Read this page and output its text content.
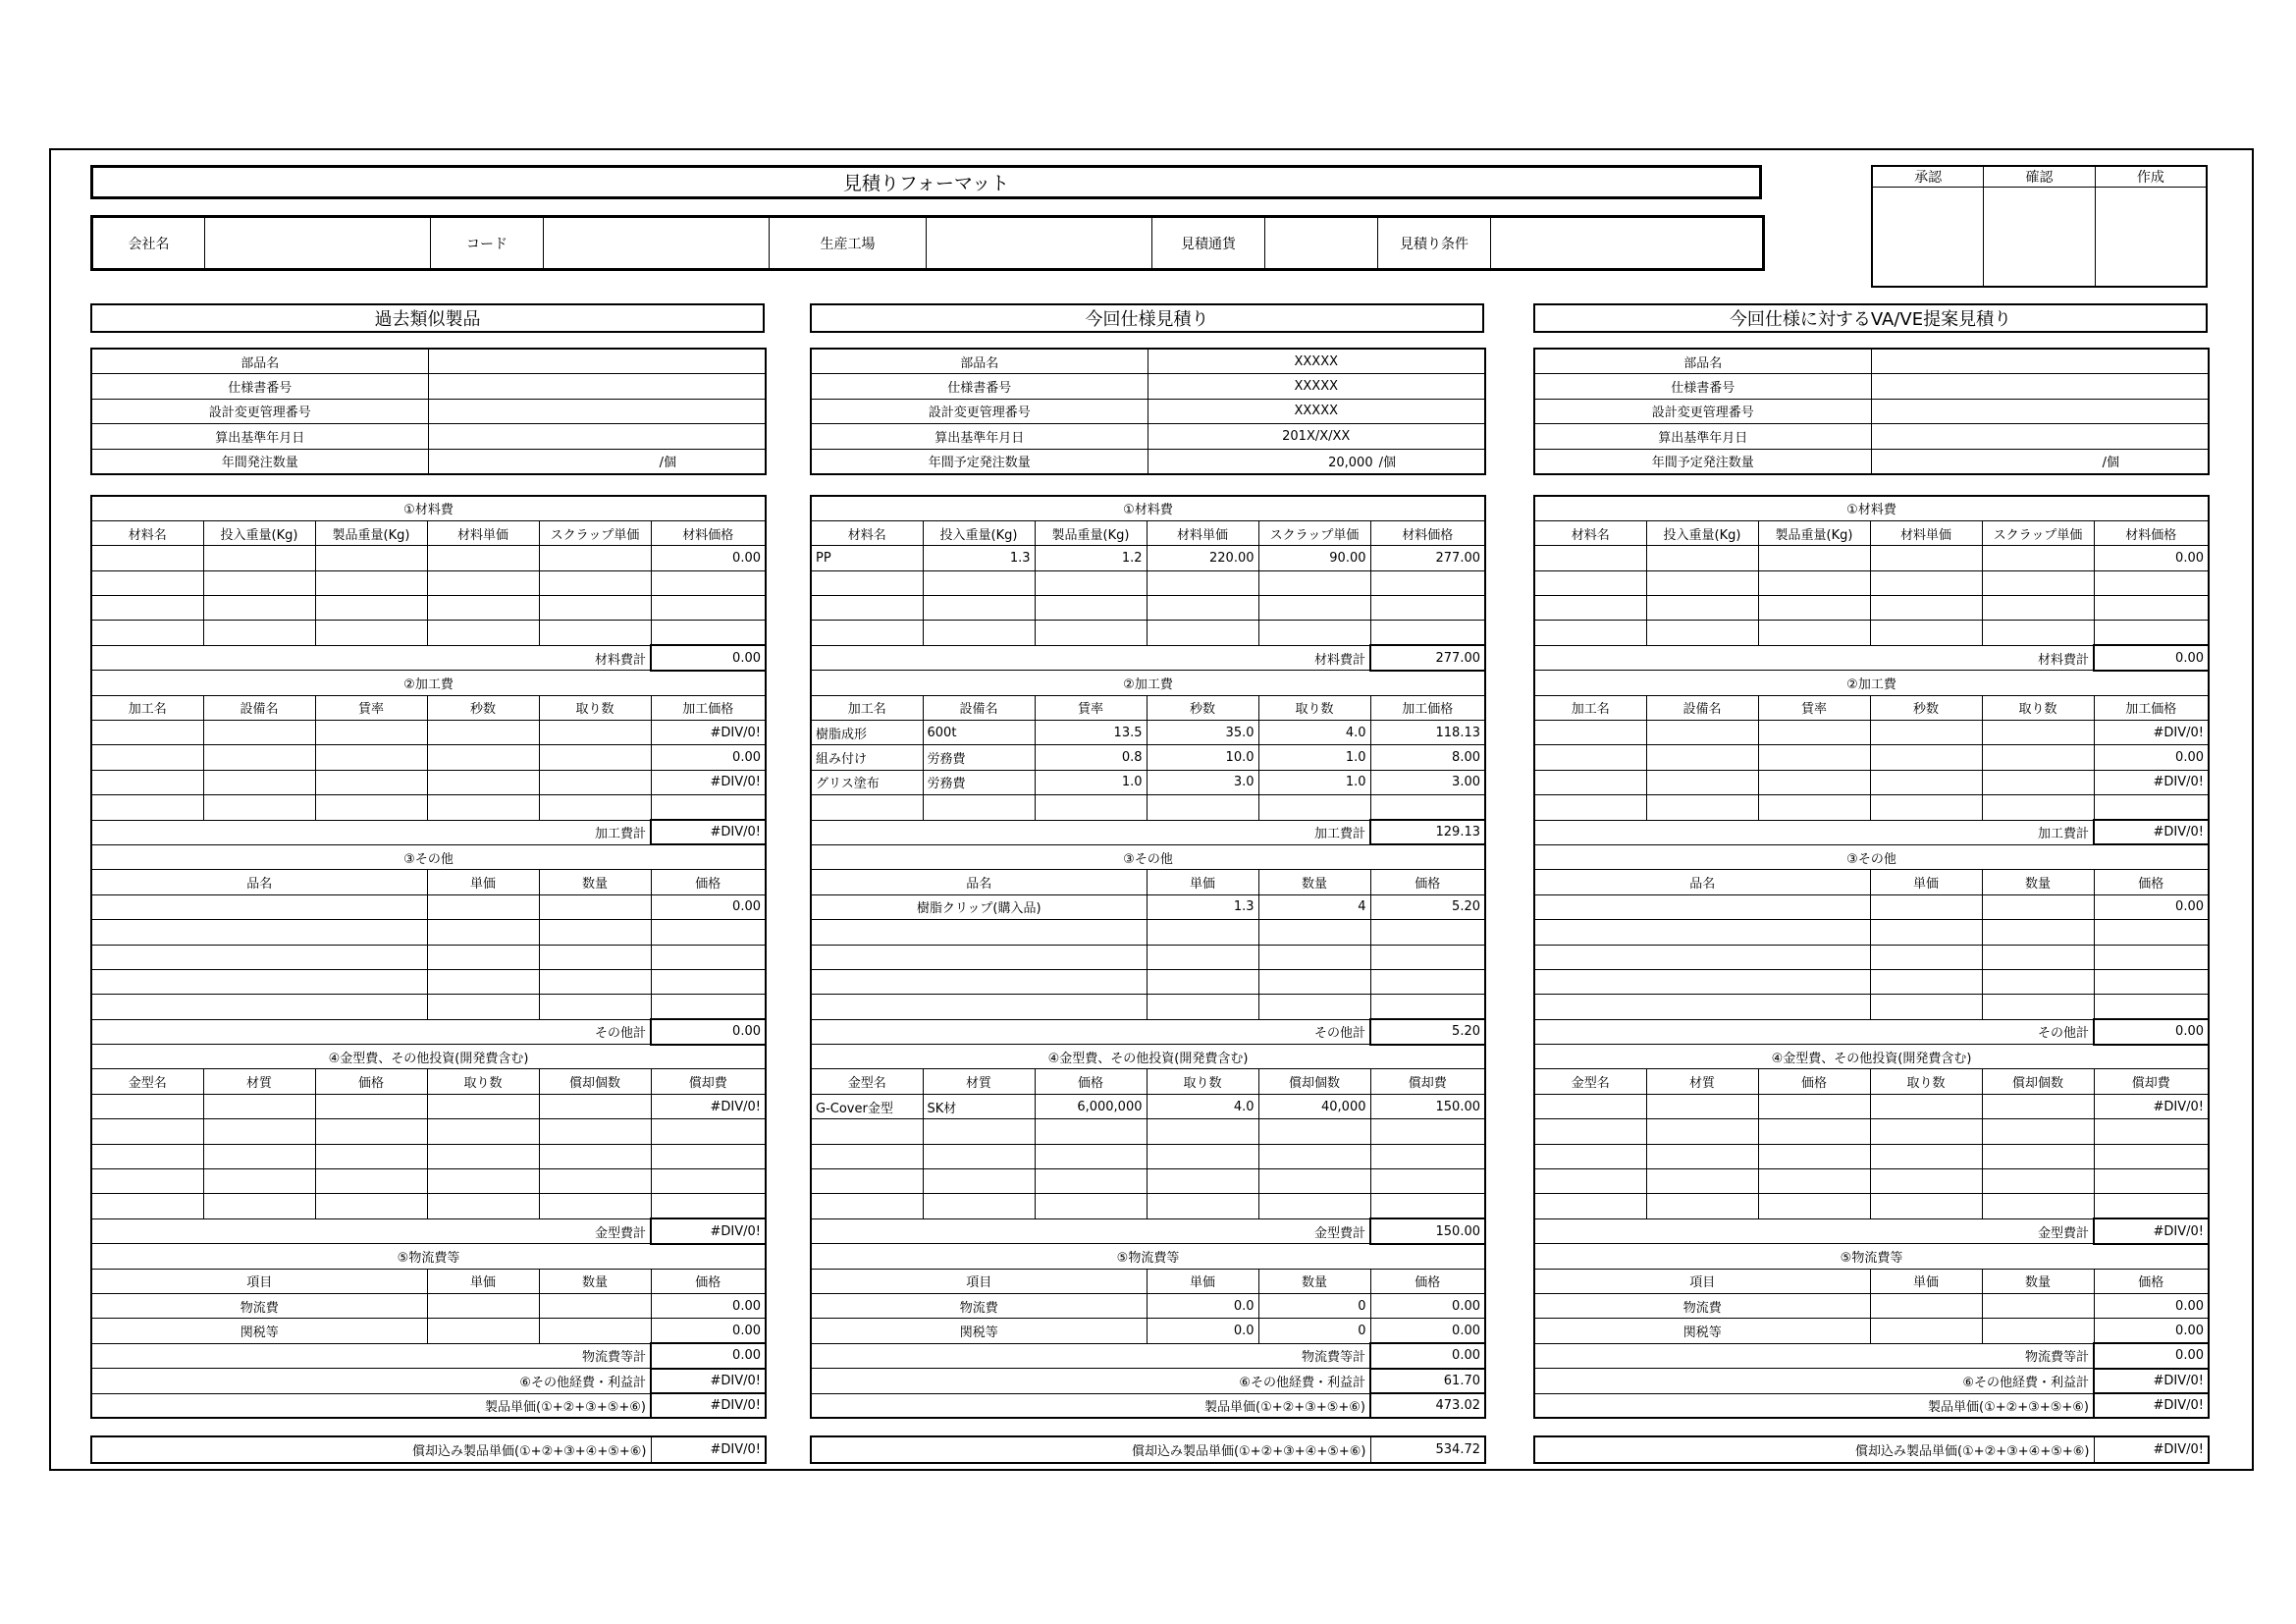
見積りフォーマット
会社名		コード		生産工場		見積通貨		見積り条件	
承認	確認	作成

過去類似製品
部品名	
仕様書番号	
設計変更管理番号	
算出基準年月日	
年間発注数量	/個
①材料費					
材料名	投入重量(Kg)	製品重量(Kg)	材料単価	スクラップ単価	材料価格
					0.00

材料費計					0.00
②加工費					
加工名	設備名	賃率	秒数	取り数	加工価格
					#DIV/0!
					0.00
					#DIV/0!

加工費計					#DIV/0!
③その他					
品名			単価	数量	価格
					0.00

その他計					0.00
④金型費、その他投資(開発費含む)					
金型名	材質	価格	取り数	償却個数	償却費
					#DIV/0!

金型費計					#DIV/0!
⑤物流費等					
項目			単価	数量	価格
物流費					0.00
関税等					0.00
物流費等計					0.00
⑥その他経費・利益計					#DIV/0!
製品単価(①+②+③+⑤+⑥)					#DIV/0!
償却込み製品単価(①+②+③+④+⑤+⑥)	#DIV/0!
今回仕様見積り
部品名	XXXXX
仕様書番号	XXXXX
設計変更管理番号	XXXXX
算出基準年月日	201X/X/XX
年間予定発注数量	20,000 /個
①材料費					
材料名	投入重量(Kg)	製品重量(Kg)	材料単価	スクラップ単価	材料価格
PP	1.3	1.2	220.00	90.00	277.00

材料費計					277.00
②加工費					
加工名	設備名	賃率	秒数	取り数	加工価格
樹脂成形	600t	13.5	35.0	4.0	118.13
組み付け	労務費	0.8	10.0	1.0	8.00
グリス塗布	労務費	1.0	3.0	1.0	3.00

加工費計					129.13
③その他					
品名			単価	数量	価格
樹脂クリップ(購入品)			1.3	4	5.20

その他計					5.20
④金型費、その他投資(開発費含む)					
金型名	材質	価格	取り数	償却個数	償却費
G-Cover金型	SK材	6,000,000	4.0	40,000	150.00

金型費計					150.00
⑤物流費等					
項目			単価	数量	価格
物流費			0.0	0	0.00
関税等			0.0	0	0.00
物流費等計					0.00
⑥その他経費・利益計					61.70
製品単価(①+②+③+⑤+⑥)					473.02
償却込み製品単価(①+②+③+④+⑤+⑥)	534.72
今回仕様に対するVA/VE提案見積り
部品名	
仕様書番号	
設計変更管理番号	
算出基準年月日	
年間予定発注数量	/個
①材料費					
材料名	投入重量(Kg)	製品重量(Kg)	材料単価	スクラップ単価	材料価格
					0.00

材料費計					0.00
②加工費					
加工名	設備名	賃率	秒数	取り数	加工価格
					#DIV/0!
					0.00
					#DIV/0!

加工費計					#DIV/0!
③その他					
品名			単価	数量	価格
					0.00

その他計					0.00
④金型費、その他投資(開発費含む)					
金型名	材質	価格	取り数	償却個数	償却費
					#DIV/0!

金型費計					#DIV/0!
⑤物流費等					
項目			単価	数量	価格
物流費					0.00
関税等					0.00
物流費等計					0.00
⑥その他経費・利益計					#DIV/0!
製品単価(①+②+③+⑤+⑥)					#DIV/0!
償却込み製品単価(①+②+③+④+⑤+⑥)	#DIV/0!
